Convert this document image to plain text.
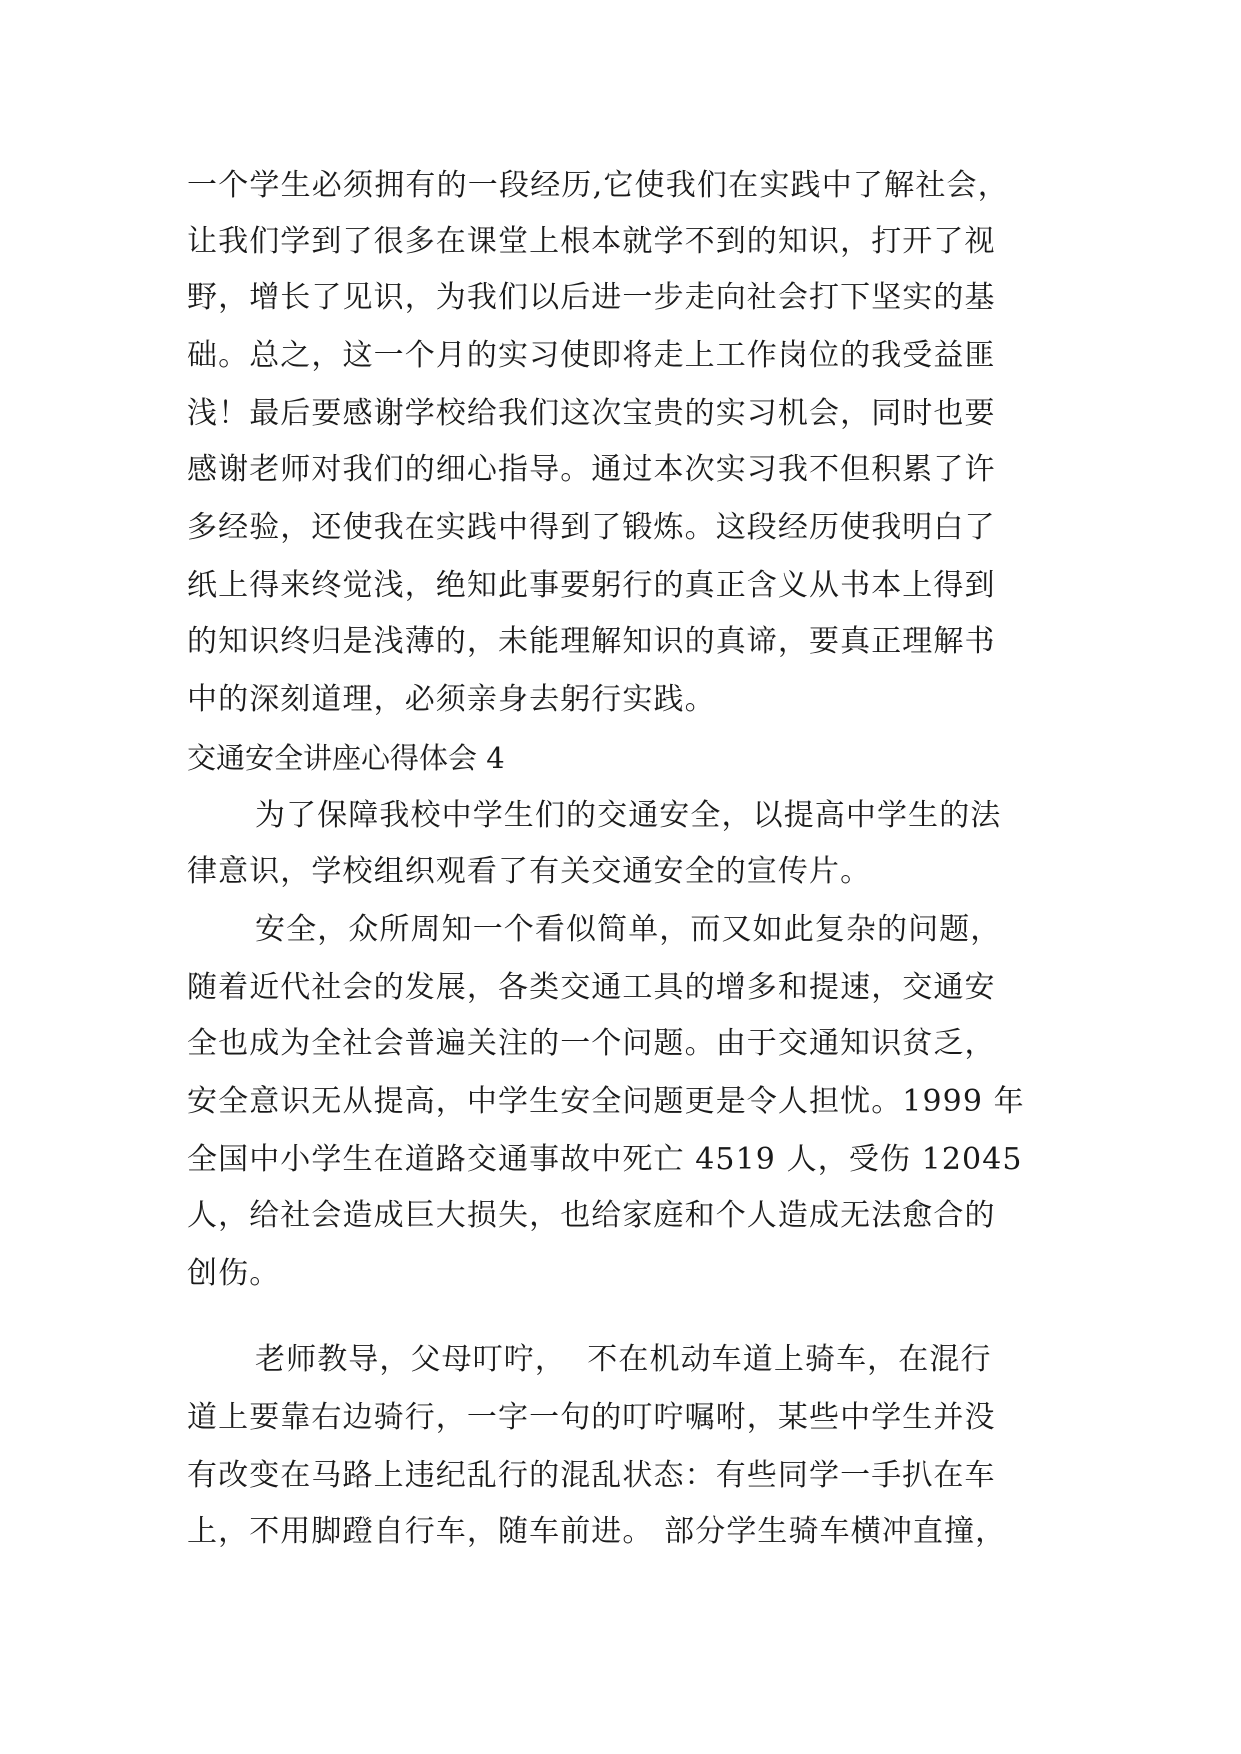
一个学生必须拥有的一段经历,它使我们在实践中了解社会，
让我们学到了很多在课堂上根本就学不到的知识，打开了视
野，增长了见识，为我们以后进一步走向社会打下坚实的基
础。总之，这一个月的实习使即将走上工作岗位的我受益匪
浅！最后要感谢学校给我们这次宝贵的实习机会，同时也要
感谢老师对我们的细心指导。通过本次实习我不但积累了许
多经验，还使我在实践中得到了锻炼。这段经历使我明白了
纸上得来终觉浅，绝知此事要躬行的真正含义从书本上得到
的知识终归是浅薄的，未能理解知识的真谛，要真正理解书
中的深刻道理，必须亲身去躬行实践。
交通安全讲座心得体会 4
为了保障我校中学生们的交通安全，以提高中学生的法
律意识，学校组织观看了有关交通安全的宣传片。
安全，众所周知一个看似简单，而又如此复杂的问题，
随着近代社会的发展，各类交通工具的增多和提速，交通安
全也成为全社会普遍关注的一个问题。由于交通知识贫乏，
安全意识无从提高，中学生安全问题更是令人担忧。1999 年
全国中小学生在道路交通事故中死亡 4519 人，受伤 12045
人，给社会造成巨大损失，也给家庭和个人造成无法愈合的
创伤。
老师教导，父母叮咛，  不在机动车道上骑车，在混行
道上要靠右边骑行，一字一句的叮咛嘱咐，某些中学生并没
有改变在马路上违纪乱行的混乱状态：有些同学一手扒在车
上，不用脚蹬自行车，随车前进。 部分学生骑车横冲直撞，
